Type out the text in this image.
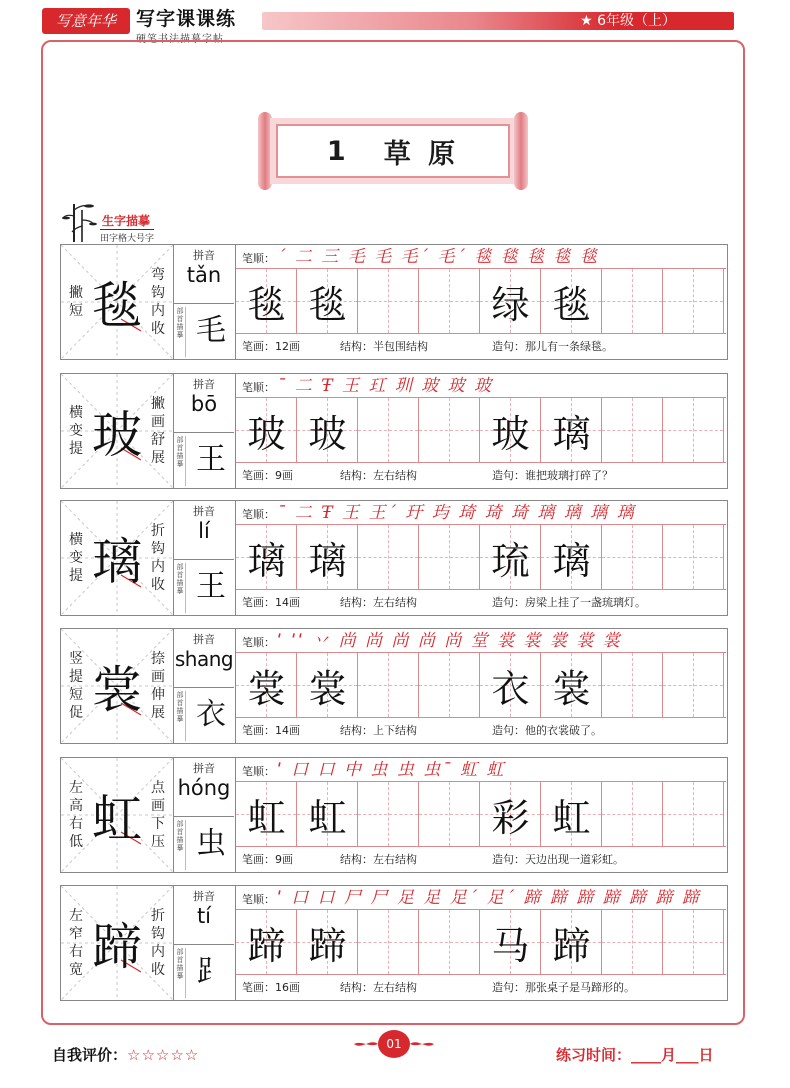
写意年华	写字课课练
硬笔书法描摹字帖
★ 6年级（上）
1 草 原
生字描摹
田字格大号字
毯
撇短
弯钩内收
拼音
tǎn
部首描摹 毛
笔顺： ˊ 二 三 毛 毛 毛ˊ 毛ˊ 毯 毯 毯 毯 毯
毯 毯	绿 毯
笔画：12画	结构：半包围结构	造句：那儿有一条绿毯。
玻
横变提
撇画舒展
拼音
bō
部首描摹 王
笔顺： ˉ 二 Ŧ 王 玒 玔 玻 玻 玻
玻 玻	玻 璃
笔画：9画	结构：左右结构	造句：谁把玻璃打碎了？
璃
横变提
折钩内收
拼音
lí
部首描摹 王
笔顺： ˉ 二 Ŧ 王 王ˊ 玗 玙 琦 琦 琦 璃 璃 璃 璃
璃 璃	琉 璃
笔画：14画	结构：左右结构	造句：房梁上挂了一盏琉璃灯。
裳
竖提短促
捺画伸展
拼音
shang
部首描摹 衣
笔顺： ˈ ˈˈ 丷 尚 尚 尚 尚 尚 堂 裳 裳 裳 裳 裳
裳 裳	衣 裳
笔画：14画	结构：上下结构	造句：他的衣裳破了。
虹
左高右低
点画下压
拼音
hóng
部首描摹 虫
笔顺： ˈ 口 口 中 虫 虫 虫ˉ 虹 虹
虹 虹	彩 虹
笔画：9画	结构：左右结构	造句：天边出现一道彩虹。
蹄
左窄右宽
折钩内收
拼音
tí
部首描摹 ⻊
笔顺： ˈ 口 口 尸 尸 足 足 足ˊ 足ˊ 蹄 蹄 蹄 蹄 蹄 蹄 蹄
蹄 蹄	马 蹄
笔画：16画	结构：左右结构	造句：那张桌子是马蹄形的。
自我评价：☆☆☆☆☆
01
练习时间：____月___日
